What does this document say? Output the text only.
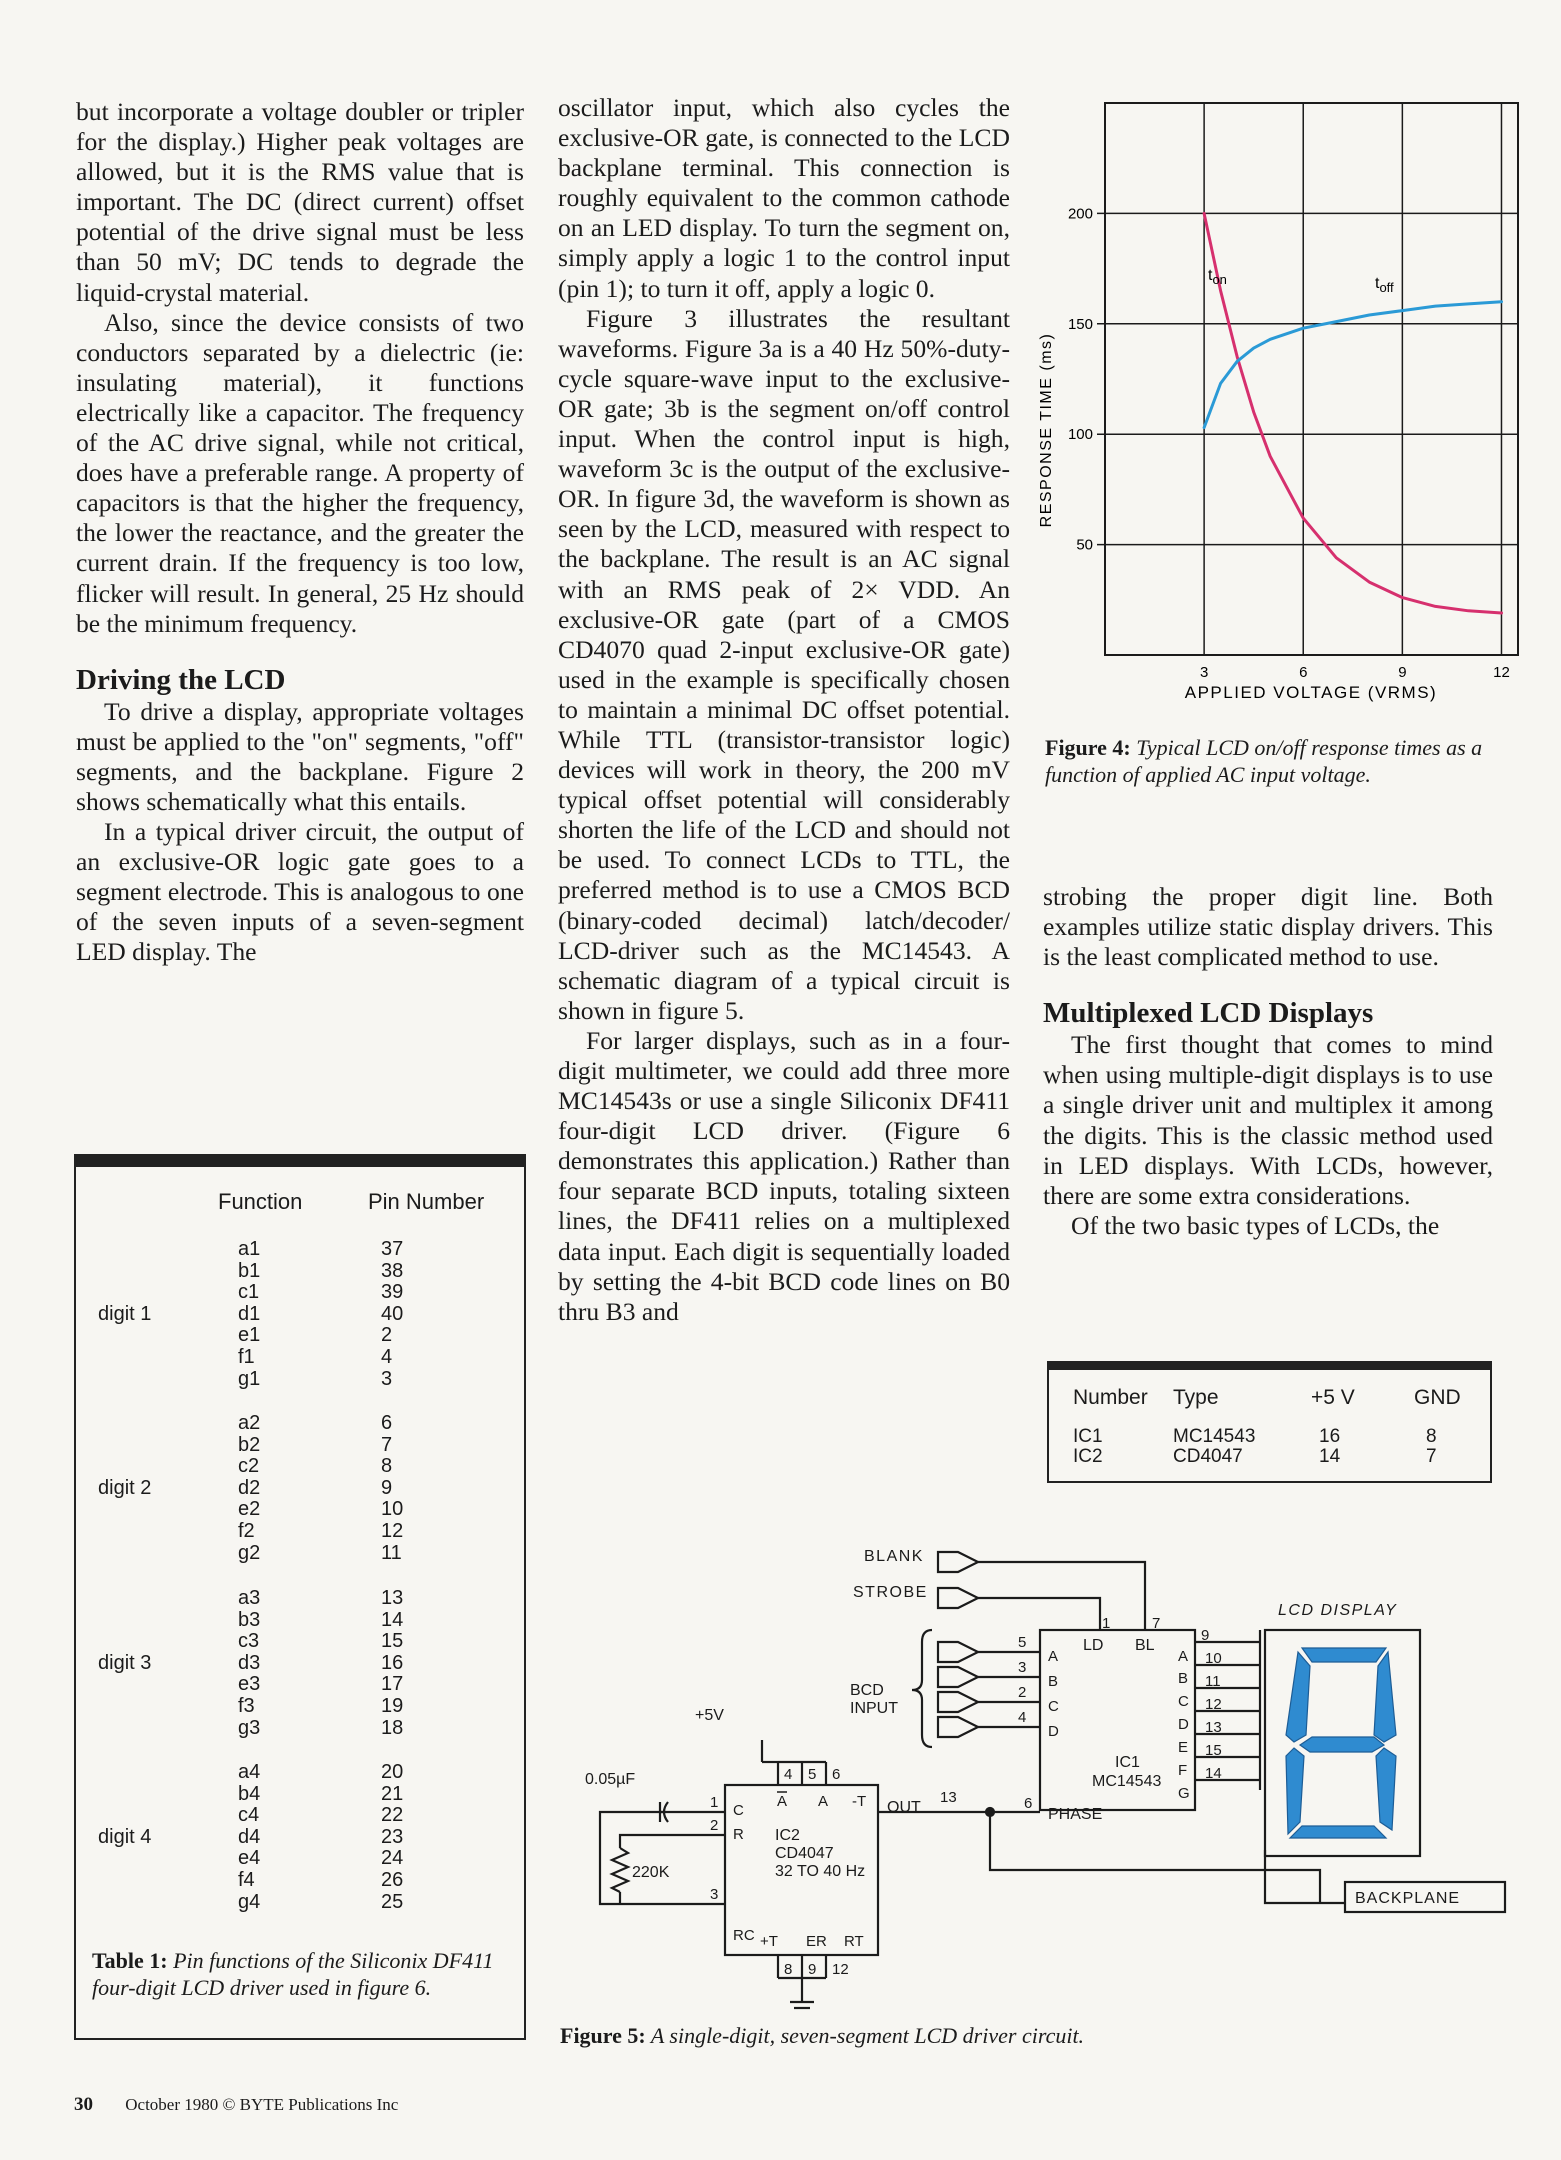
but incorporate a voltage doubler or tripler for the display.) Higher peak voltages are allowed, but it is the RMS value that is important. The DC (direct current) offset potential of the drive signal must be less than 50 mV; DC tends to degrade the liquid-crystal material.

Also, since the device consists of two conductors separated by a dielectric (ie: insulating material), it functions electrically like a capacitor. The frequency of the AC drive signal, while not critical, does have a preferable range. A property of capacitors is that the higher the frequency, the lower the reactance, and the greater the current drain. If the frequency is too low, flicker will result. In general, 25 Hz should be the minimum frequency.

Driving the LCD

To drive a display, appropriate voltages must be applied to the "on" segments, "off" segments, and the backplane. Figure 2 shows schematically what this entails.

In a typical driver circuit, the output of an exclusive-OR logic gate goes to a segment electrode. This is analogous to one of the seven inputs of a seven-segment LED display. The

oscillator input, which also cycles the exclusive-OR gate, is connected to the LCD backplane terminal. This connection is roughly equivalent to the common cathode on an LED display. To turn the segment on, simply apply a logic 1 to the control input (pin 1); to turn it off, apply a logic 0.

Figure 3 illustrates the resultant waveforms. Figure 3a is a 40 Hz 50%-duty-cycle square-wave input to the exclusive-OR gate; 3b is the segment on/off control input. When the control input is high, waveform 3c is the output of the exclusive-OR. In figure 3d, the waveform is shown as seen by the LCD, measured with respect to the backplane. The result is an AC signal with an RMS peak of 2× VDD. An exclusive-OR gate (part of a CMOS CD4070 quad 2-input exclusive-OR gate) used in the example is specifically chosen to maintain a minimal DC offset potential. While TTL (transistor-transistor logic) devices will work in theory, the 200 mV typical offset potential will considerably shorten the life of the LCD and should not be used. To connect LCDs to TTL, the preferred method is to use a CMOS BCD (binary-coded decimal) latch/decoder/ LCD-driver such as the MC14543. A schematic diagram of a typical circuit is shown in figure 5.

For larger displays, such as in a four-digit multimeter, we could add three more MC14543s or use a single Siliconix DF411 four-digit LCD driver. (Figure 6 demonstrates this application.) Rather than four separate BCD inputs, totaling sixteen lines, the DF411 relies on a multiplexed data input. Each digit is sequentially loaded by setting the 4-bit BCD code lines on B0 thru B3 and

strobing the proper digit line. Both examples utilize static display drivers. This is the least complicated method to use.

Multiplexed LCD Displays

The first thought that comes to mind when using multiple-digit displays is to use a single driver unit and multiplex it among the digits. This is the classic method used in LED displays. With LCDs, however, there are some extra considerations.

Of the two basic types of LCDs, the

3	6	9	12
50
100
150
200
APPLIED VOLTAGE (VRMS)
RESPONSE TIME (ms)
$t_{on}$	$t_{off}$
Figure 4: Typical LCD on/off response times as a function of applied AC input voltage.
Function	Pin Number
digit 1
a1	37
b1	38
c1	39
d1	40
e1	2
f1	4
g1	3
digit 2
a2	6
b2	7
c2	8
d2	9
e2	10
f2	12
g2	11
digit 3
a3	13
b3	14
c3	15
d3	16
e3	17
f3	19
g3	18
digit 4
a4	20
b4	21
c4	22
d4	23
e4	24
f4	26
g4	25
Table 1: Pin functions of the Siliconix DF411 four-digit LCD driver used in figure 6.
Number Type	+5 V	GND
IC1	MC14543	16	8
IC2	CD4047	14	7
BLANK
STROBE
BCD
INPUT
+5V
0.05µF
220K
IC2
CD4047
32 TO 40 Hz
OUT
IC1
MC14543
PHASE
LD BL
LCD DISPLAY
BACKPLANE
A
B
C
D
A
B
C
D
E
F
G
5
3
2
4
1	7
9
10
11
12
13
15
14
6
13
4 5 6
1
2
3
8 9 12
C
R
A A -T
RC +T ER RT
Figure 5: A single-digit, seven-segment LCD driver circuit.
30 October 1980 © BYTE Publications Inc
